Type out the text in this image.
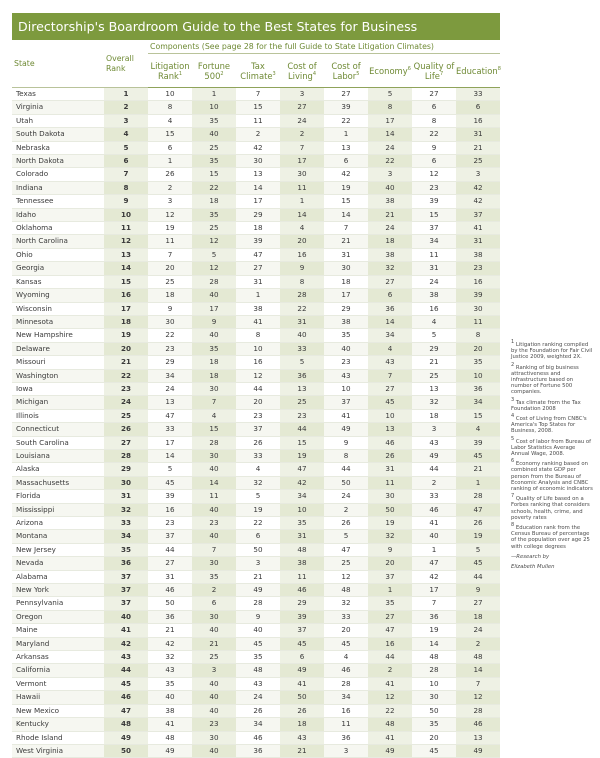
Directorship's Boardroom Guide to the Best States for Business
State	Overall Rank	Components (See page 28 for the full Guide to State Litigation Climates)							
		Litigation Rank$^1$	Fortune $500^2$	Tax Climate$^3$	Cost of Living$^4$	Cost of Labor$^5$	Economy$^6$	Quality of Life$^7$	Education$^8$
Texas	1	10	1	7	3	27	5	27	33
Virginia	2	8	10	15	27	39	8	6	6
Utah	3	4	35	11	24	22	17	8	16
South Dakota	4	15	40	2	2	1	14	22	31
Nebraska	5	6	25	42	7	13	24	9	21
North Dakota	6	1	35	30	17	6	22	6	25
Colorado	7	26	15	13	30	42	3	12	3
Indiana	8	2	22	14	11	19	40	23	42
Tennessee	9	3	18	17	1	15	38	39	42
Idaho	10	12	35	29	14	14	21	15	37
Oklahoma	11	19	25	18	4	7	24	37	41
North Carolina	12	11	12	39	20	21	18	34	31
Ohio	13	7	5	47	16	31	38	11	38
Georgia	14	20	12	27	9	30	32	31	23
Kansas	15	25	28	31	8	18	27	24	16
Wyoming	16	18	40	1	28	17	6	38	39
Wisconsin	17	9	17	38	22	29	36	16	30
Minnesota	18	30	9	41	31	38	14	4	11
New Hampshire	19	22	40	8	40	35	34	5	8
Delaware	20	23	35	10	33	40	4	29	20
Missouri	21	29	18	16	5	23	43	21	35
Washington	22	34	18	12	36	43	7	25	10
Iowa	23	24	30	44	13	10	27	13	36
Michigan	24	13	7	20	25	37	45	32	34
Illinois	25	47	4	23	23	41	10	18	15
Connecticut	26	33	15	37	44	49	13	3	4
South Carolina	27	17	28	26	15	9	46	43	39
Louisiana	28	14	30	33	19	8	26	49	45
Alaska	29	5	40	4	47	44	31	44	21
Massachusetts	30	45	14	32	42	50	11	2	1
Florida	31	39	11	5	34	24	30	33	28
Mississippi	32	16	40	19	10	2	50	46	47
Arizona	33	23	23	22	35	26	19	41	26
Montana	34	37	40	6	31	5	32	40	19
New Jersey	35	44	7	50	48	47	9	1	5
Nevada	36	27	30	3	38	25	20	47	45
Alabama	37	31	35	21	11	12	37	42	44
New York	37	46	2	49	46	48	1	17	9
Pennsylvania	37	50	6	28	29	32	35	7	27
Oregon	40	36	30	9	39	33	27	36	18
Maine	41	21	40	40	37	20	47	19	24
Maryland	42	42	21	45	45	45	16	14	2
Arkansas	43	32	25	35	6	4	44	48	48
California	44	43	3	48	49	46	2	28	14
Vermont	45	35	40	43	41	28	41	10	7
Hawaii	46	40	40	24	50	34	12	30	12
New Mexico	47	38	40	26	26	16	22	50	28
Kentucky	48	41	23	34	18	11	48	35	46
Rhode Island	49	48	30	46	43	36	41	20	13
West Virginia	50	49	40	36	21	3	49	45	49

$^1$ Litigation ranking compiled by the Foundation for Fair Civil Justice 2009, weighted 2X.

$^2$ Ranking of big business attractiveness and infrastructure based on number of Fortune 500 companies.

$^3$ Tax climate from the Tax Foundation 2008

$^4$ Cost of Living from CNBC's America's Top States for Business, 2008.

$^5$ Cost of labor from Bureau of Labor Statistics Average Annual Wage, 2008.

$^6$ Economy ranking based on combined state GDP per person from the Bureau of Economic Analysis and CNBC ranking of economic indicators

$^7$ Quality of Life based on a Forbes ranking that considers schools, health, crime, and poverty rates

$^8$ Education rank from the Census Bureau of percentage of the population over age 25 with college degrees

—Research by

Elizabeth Mullen
